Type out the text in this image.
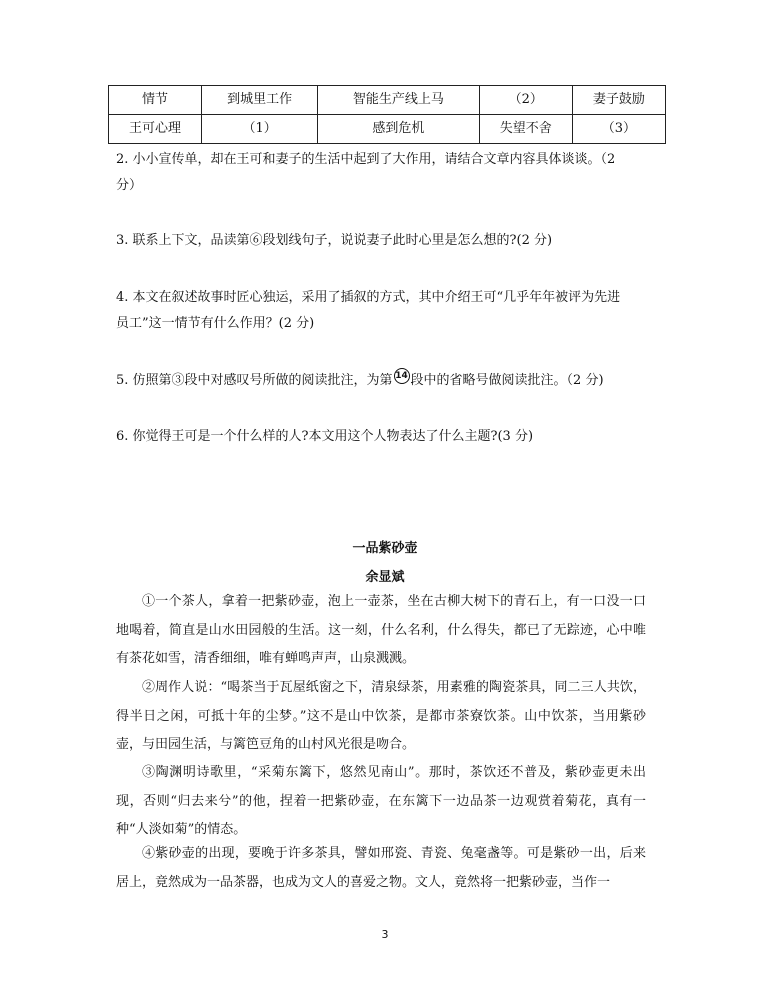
情节	到城里工作	智能生产线上马	（2）	妻子鼓励
王可心理	（1）	感到危机	失望不舍	（3）
2. 小小宣传单，却在王可和妻子的生活中起到了大作用，请结合文章内容具体谈谈。（2
分）
3. 联系上下文，品读第⑥段划线句子，说说妻子此时心里是怎么想的?(2 分)
4. 本文在叙述故事时匠心独运，采用了插叙的方式，其中介绍王可“几乎年年被评为先进
员工”这一情节有什么作用？(2 分)
5. 仿照第③段中对感叹号所做的阅读批注，为第 14 段中的省略号做阅读批注。（2 分)
6. 你觉得王可是一个什么样的人?本文用这个人物表达了什么主题?(3 分)
一品紫砂壶
余显斌
①一个茶人，拿着一把紫砂壶，泡上一壶茶，坐在古柳大树下的青石上，有一口没一口地喝着，简直是山水田园般的生活。这一刻，什么名利，什么得失，都已了无踪迹，心中唯有茶花如雪，清香细细，唯有蝉鸣声声，山泉溅溅。
②周作人说：“喝茶当于瓦屋纸窗之下，清泉绿茶，用素雅的陶瓷茶具，同二三人共饮，得半日之闲，可抵十年的尘梦。”这不是山中饮茶，是都市茶寮饮茶。山中饮茶，当用紫砂壶，与田园生活，与篱笆豆角的山村风光很是吻合。
③陶渊明诗歌里，“采菊东篱下，悠然见南山”。那时，茶饮还不普及，紫砂壶更未出现，否则“归去来兮”的他，捏着一把紫砂壶，在东篱下一边品茶一边观赏着菊花，真有一种“人淡如菊”的情态。
④紫砂壶的出现，要晚于许多茶具，譬如邢瓷、青瓷、兔毫盏等。可是紫砂一出，后来居上，竟然成为一品茶器，也成为文人的喜爱之物。文人，竟然将一把紫砂壶，当作一
3
